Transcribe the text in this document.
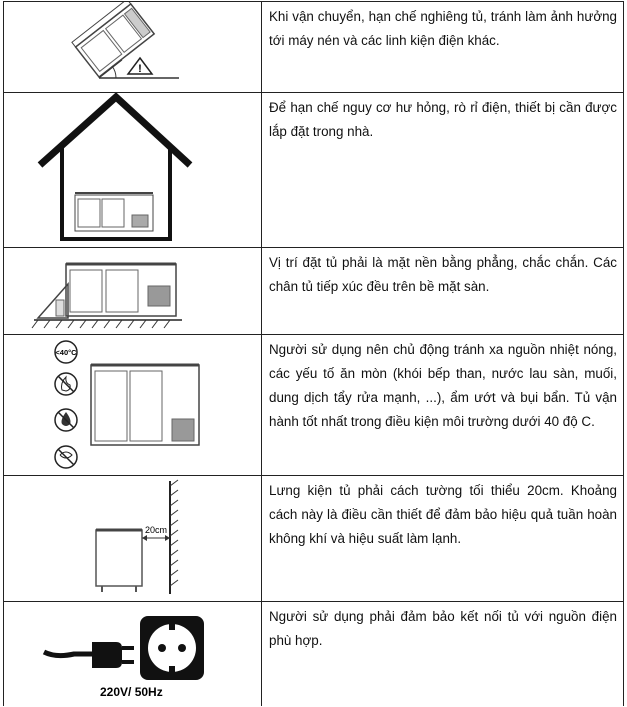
!

Khi vận chuyển, hạn chế nghiêng tủ, tránh làm ảnh hưởng tới máy nén và các linh kiện điện khác.

Để hạn chế nguy cơ hư hỏng, rò rỉ điện, thiết bị cần được lắp đặt trong nhà.

Vị trí đặt tủ phải là mặt nền bằng phẳng, chắc chắn. Các chân tủ tiếp xúc đều trên bề mặt sàn.

<40°C	Người sử dụng nên chủ động tránh xa nguồn nhiệt nóng, các yếu tố ăn mòn (khói bếp than, nước lau sàn, muối, dung dịch tẩy rửa mạnh, ...), ẩm ướt và bụi bẩn. Tủ vận hành tốt nhất trong điều kiện môi trường dưới 40 độ C.

20cm

Lưng kiện tủ phải cách tường tối thiểu 20cm. Khoảng cách này là điều cần thiết để đảm bảo hiệu quả tuần hoàn không khí và hiệu suất làm lạnh.

220V/ 50Hz

Người sử dụng phải đảm bảo kết nối tủ với nguồn điện phù hợp.
